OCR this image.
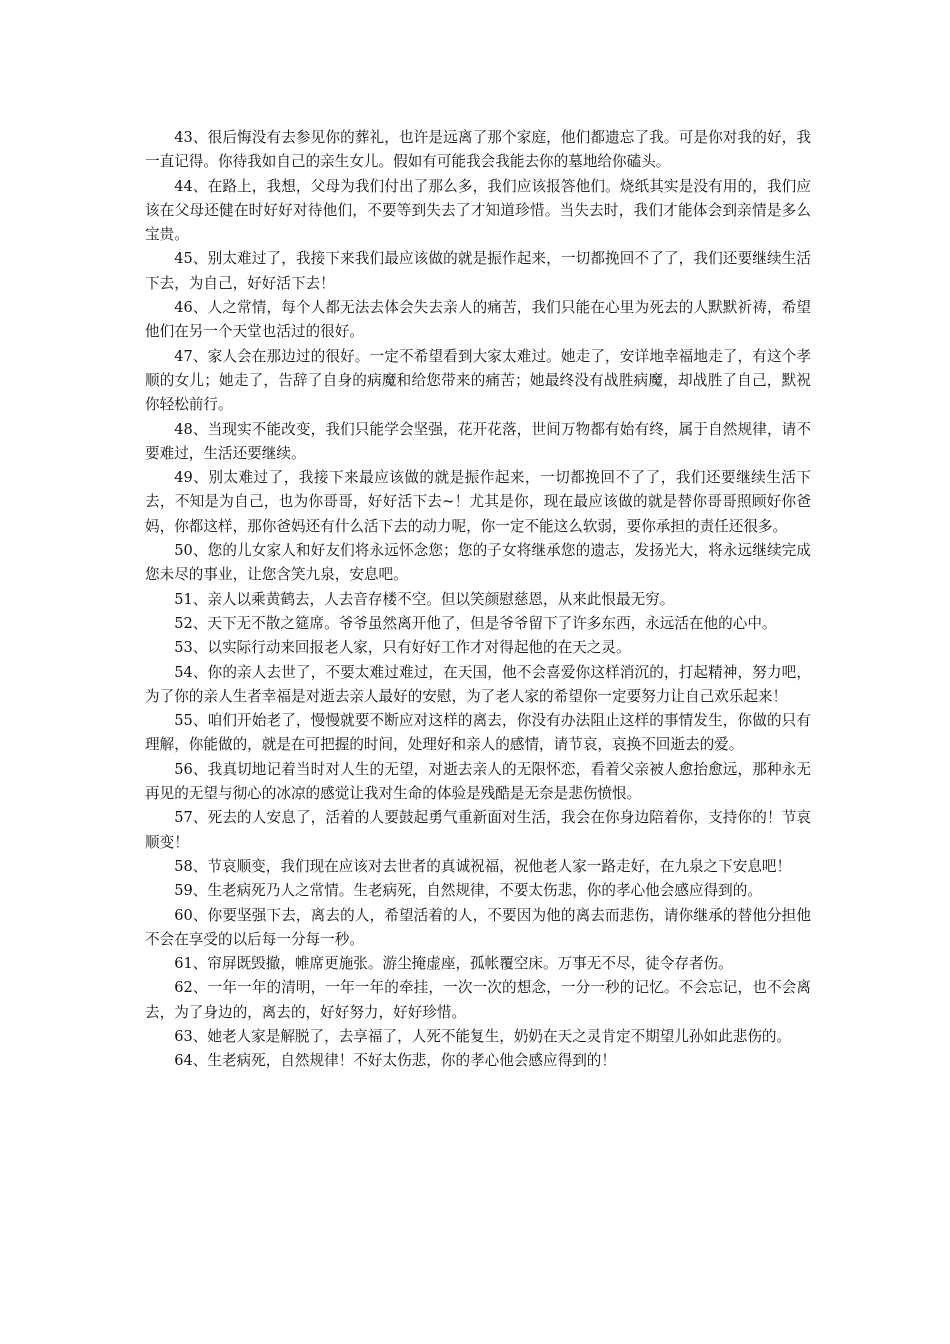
43、很后悔没有去参见你的葬礼，也许是远离了那个家庭，他们都遗忘了我。可是你对我的好，我一直记得。你待我如自己的亲生女儿。假如有可能我会我能去你的墓地给你磕头。

44、在路上，我想，父母为我们付出了那么多，我们应该报答他们。烧纸其实是没有用的，我们应该在父母还健在时好好对待他们，不要等到失去了才知道珍惜。当失去时，我们才能体会到亲情是多么宝贵。

45、别太难过了，我接下来我们最应该做的就是振作起来，一切都挽回不了了，我们还要继续生活下去，为自己，好好活下去！

46、人之常情，每个人都无法去体会失去亲人的痛苦，我们只能在心里为死去的人默默祈祷，希望他们在另一个天堂也活过的很好。

47、家人会在那边过的很好。一定不希望看到大家太难过。她走了，安详地幸福地走了，有这个孝顺的女儿；她走了，告辞了自身的病魔和给您带来的痛苦；她最终没有战胜病魔，却战胜了自己，默祝你轻松前行。

48、当现实不能改变，我们只能学会坚强，花开花落，世间万物都有始有终，属于自然规律，请不要难过，生活还要继续。

49、别太难过了，我接下来最应该做的就是振作起来，一切都挽回不了了，我们还要继续生活下去，不知是为自己，也为你哥哥，好好活下去~！尤其是你，现在最应该做的就是替你哥哥照顾好你爸妈，你都这样，那你爸妈还有什么活下去的动力呢，你一定不能这么软弱，要你承担的责任还很多。

50、您的儿女家人和好友们将永远怀念您；您的子女将继承您的遗志，发扬光大，将永远继续完成您未尽的事业，让您含笑九泉，安息吧。

51、亲人以乘黄鹤去，人去音存楼不空。但以笑颜慰慈恩，从来此恨最无穷。

52、天下无不散之筵席。爷爷虽然离开他了，但是爷爷留下了许多东西，永远活在他的心中。

53、以实际行动来回报老人家，只有好好工作才对得起他的在天之灵。

54、你的亲人去世了，不要太难过难过，在天国，他不会喜爱你这样消沉的，打起精神，努力吧，为了你的亲人生者幸福是对逝去亲人最好的安慰，为了老人家的希望你一定要努力让自己欢乐起来！

55、咱们开始老了，慢慢就要不断应对这样的离去，你没有办法阻止这样的事情发生，你做的只有理解，你能做的，就是在可把握的时间，处理好和亲人的感情，请节哀，哀换不回逝去的爱。

56、我真切地记着当时对人生的无望，对逝去亲人的无限怀恋，看着父亲被人愈抬愈远，那种永无再见的无望与彻心的冰凉的感觉让我对生命的体验是残酷是无奈是悲伤愤恨。

57、死去的人安息了，活着的人要鼓起勇气重新面对生活，我会在你身边陪着你，支持你的！节哀顺变！

58、节哀顺变，我们现在应该对去世者的真诚祝福，祝他老人家一路走好，在九泉之下安息吧！

59、生老病死乃人之常情。生老病死，自然规律，不要太伤悲，你的孝心他会感应得到的。

60、你要坚强下去，离去的人，希望活着的人，不要因为他的离去而悲伤，请你继承的替他分担他不会在享受的以后每一分每一秒。

61、帘屏既毁撤，帷席更施张。游尘掩虚座，孤帐覆空床。万事无不尽，徒令存者伤。

62、一年一年的清明，一年一年的牵挂，一次一次的想念，一分一秒的记忆。不会忘记，也不会离去，为了身边的，离去的，好好努力，好好珍惜。

63、她老人家是解脱了，去享福了，人死不能复生，奶奶在天之灵肯定不期望儿孙如此悲伤的。

64、生老病死，自然规律！不好太伤悲，你的孝心他会感应得到的！
